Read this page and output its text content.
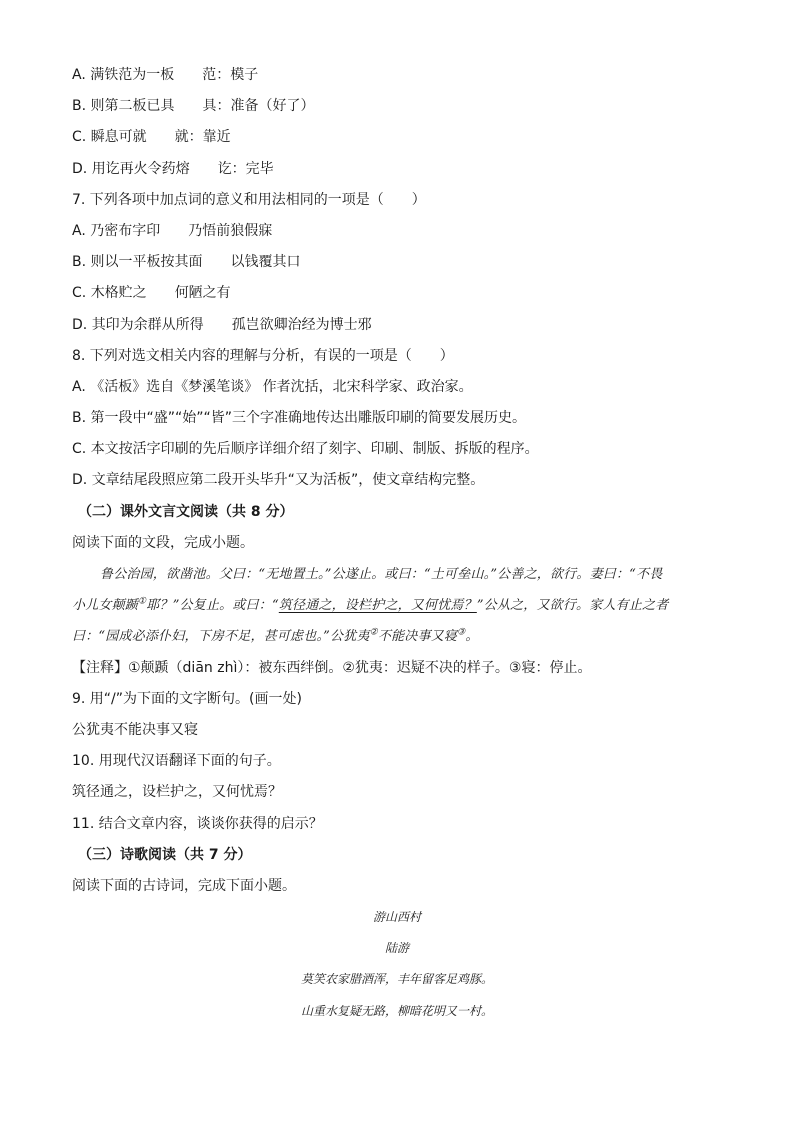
A. 满铁范为一板 范：模子
B. 则第二板已具 具：准备（好了）
C. 瞬息可就 就：靠近
D. 用讫再火令药熔 讫：完毕
7. 下列各项中加点词的意义和用法相同的一项是（　　）
A. 乃密布字印 乃悟前狼假寐
B. 则以一平板按其面 以钱覆其口
C. 木格贮之 何陋之有
D. 其印为余群从所得 孤岂欲卿治经为博士邪
8. 下列对选文相关内容的理解与分析，有误的一项是（　　）
A. 《活板》选自《梦溪笔谈》 作者沈括，北宋科学家、政治家。
B. 第一段中“盛”“始”“皆”三个字准确地传达出雕版印刷的简要发展历史。
C. 本文按活字印刷的先后顺序详细介绍了刻字、印刷、制版、拆版的程序。
D. 文章结尾段照应第二段开头毕升“又为活板”，使文章结构完整。
（二）课外文言文阅读（共 8 分）
阅读下面的文段，完成小题。
鲁公治园，欲凿池。父曰：“无地置土。”公遂止。或曰：“土可垒山。”公善之，欲行。妻曰：“不畏
小儿女颠踬①耶？”公复止。或曰：“筑径通之，设栏护之，又何忧焉？”公从之，又欲行。家人有止之者
曰：“园成必添仆妇，下房不足，甚可虑也。”公犹夷②不能决事又寝③。
【注释】①颠踬（diān zhì）：被东西绊倒。②犹夷：迟疑不决的样子。③寝：停止。
9. 用“/”为下面的文字断句。(画一处)
公犹夷不能决事又寝
10. 用现代汉语翻译下面的句子。
筑径通之，设栏护之，又何忧焉？
11. 结合文章内容，谈谈你获得的启示？
（三）诗歌阅读（共 7 分）
阅读下面的古诗词，完成下面小题。
游山西村
陆游
莫笑农家腊酒浑，丰年留客足鸡豚。
山重水复疑无路，柳暗花明又一村。
